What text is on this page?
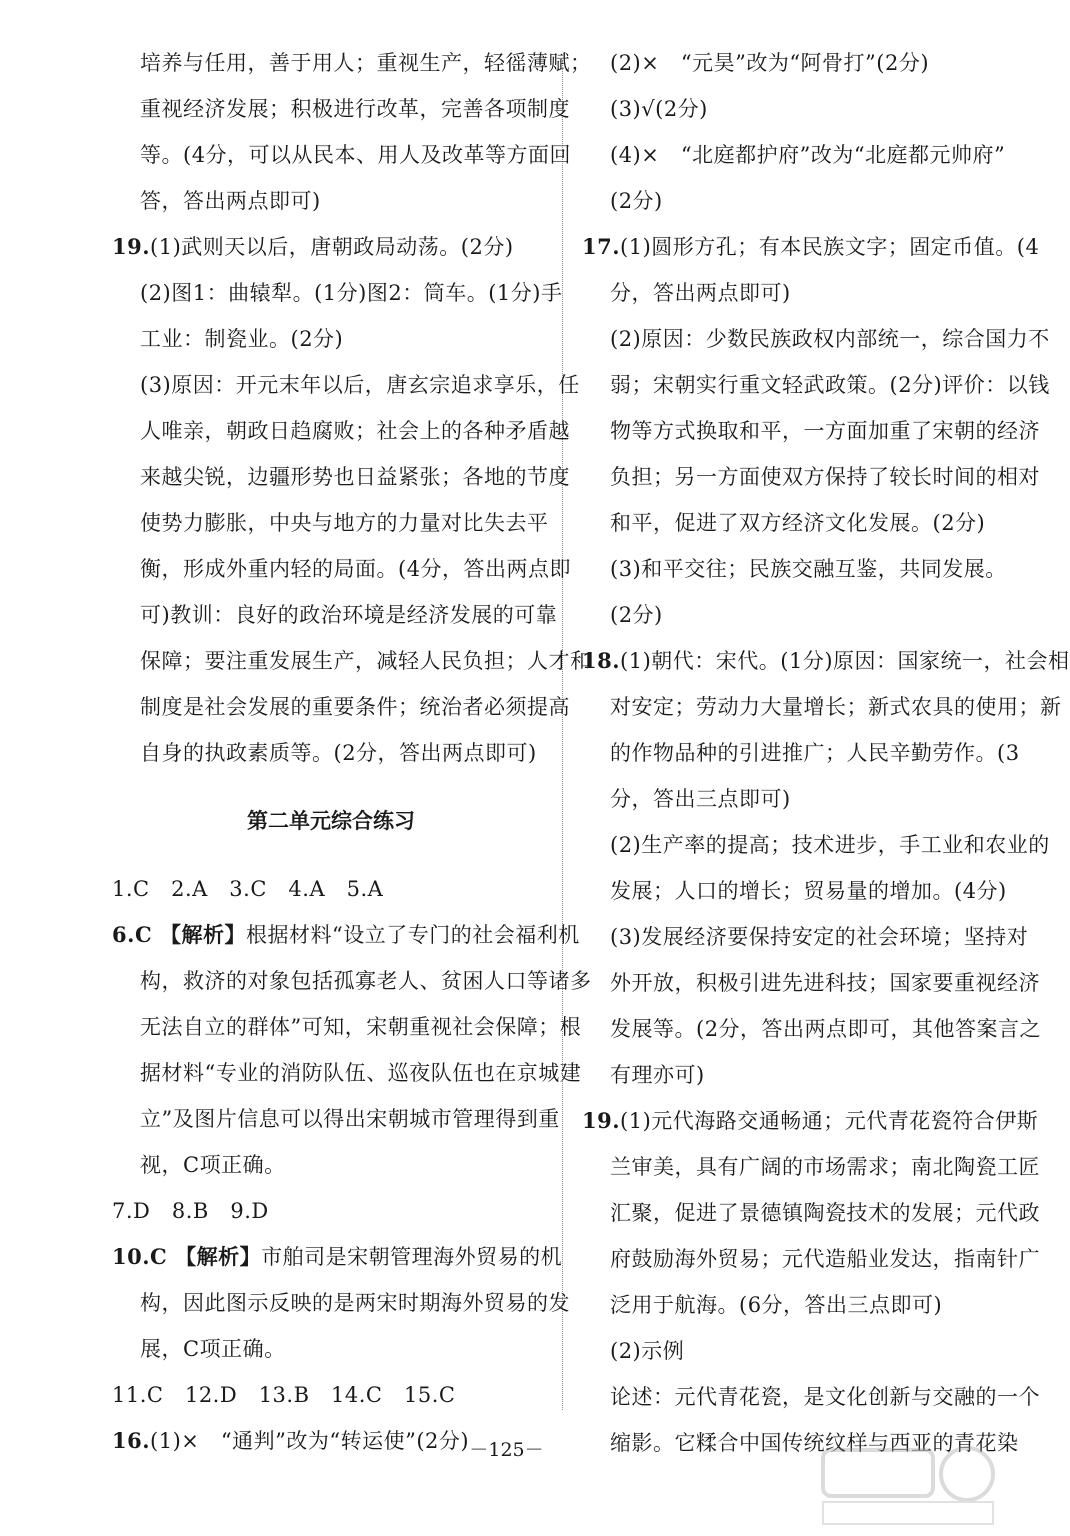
培养与任用，善于用人；重视生产，轻徭薄赋；
重视经济发展；积极进行改革，完善各项制度
等。(4分，可以从民本、用人及改革等方面回
答，答出两点即可)
19.(1)武则天以后，唐朝政局动荡。(2分)
(2)图1：曲辕犁。(1分)图2：筒车。(1分)手
工业：制瓷业。(2分)
(3)原因：开元末年以后，唐玄宗追求享乐，任
人唯亲，朝政日趋腐败；社会上的各种矛盾越
来越尖锐，边疆形势也日益紧张；各地的节度
使势力膨胀，中央与地方的力量对比失去平
衡，形成外重内轻的局面。(4分，答出两点即
可)教训：良好的政治环境是经济发展的可靠
保障；要注重发展生产，减轻人民负担；人才和
制度是社会发展的重要条件；统治者必须提高
自身的执政素质等。(2分，答出两点即可)
第二单元综合练习
1.C　2.A　3.C　4.A　5.A
6.C 【解析】根据材料“设立了专门的社会福利机
构，救济的对象包括孤寡老人、贫困人口等诸多
无法自立的群体”可知，宋朝重视社会保障；根
据材料“专业的消防队伍、巡夜队伍也在京城建
立”及图片信息可以得出宋朝城市管理得到重
视，C项正确。
7.D　8.B　9.D
10.C 【解析】市舶司是宋朝管理海外贸易的机
构，因此图示反映的是两宋时期海外贸易的发
展，C项正确。
11.C　12.D　13.B　14.C　15.C
16.(1)×　“通判”改为“转运使”(2分)
(2)×　“元昊”改为“阿骨打”(2分)
(3)√(2分)
(4)×　“北庭都护府”改为“北庭都元帅府”
(2分)
17.(1)圆形方孔；有本民族文字；固定币值。(4
分，答出两点即可)
(2)原因：少数民族政权内部统一，综合国力不
弱；宋朝实行重文轻武政策。(2分)评价：以钱
物等方式换取和平，一方面加重了宋朝的经济
负担；另一方面使双方保持了较长时间的相对
和平，促进了双方经济文化发展。(2分)
(3)和平交往；民族交融互鉴，共同发展。
(2分)
18.(1)朝代：宋代。(1分)原因：国家统一，社会相
对安定；劳动力大量增长；新式农具的使用；新
的作物品种的引进推广；人民辛勤劳作。(3
分，答出三点即可)
(2)生产率的提高；技术进步，手工业和农业的
发展；人口的增长；贸易量的增加。(4分)
(3)发展经济要保持安定的社会环境；坚持对
外开放，积极引进先进科技；国家要重视经济
发展等。(2分，答出两点即可，其他答案言之
有理亦可)
19.(1)元代海路交通畅通；元代青花瓷符合伊斯
兰审美，具有广阔的市场需求；南北陶瓷工匠
汇聚，促进了景德镇陶瓷技术的发展；元代政
府鼓励海外贸易；元代造船业发达，指南针广
泛用于航海。(6分，答出三点即可)
(2)示例
论述：元代青花瓷，是文化创新与交融的一个
缩影。它糅合中国传统纹样与西亚的青花染
－125－
